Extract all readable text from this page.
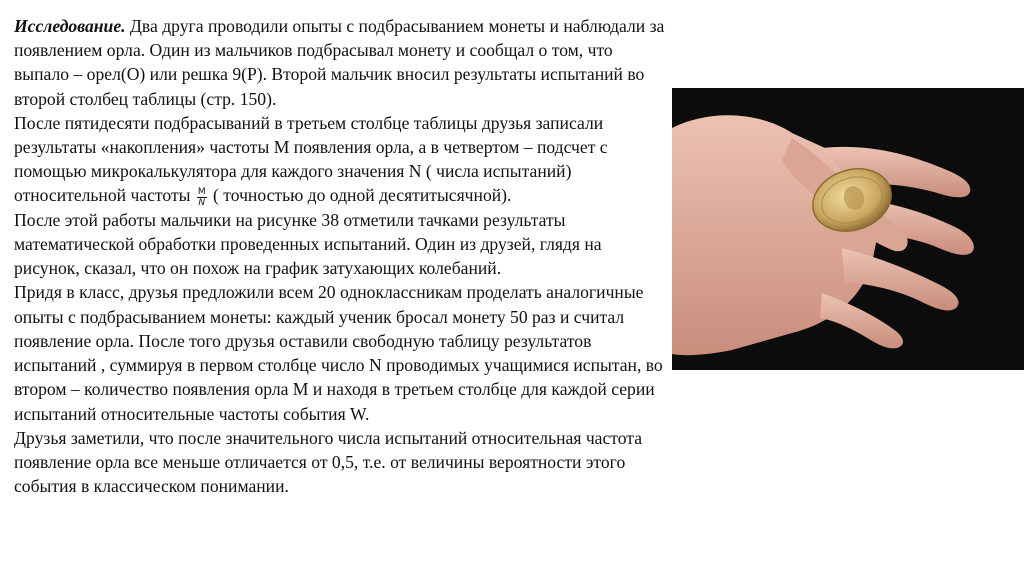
Исследование. Два друга проводили опыты с подбрасыванием монеты и наблюдали за появлением орла. Один из мальчиков подбрасывал монету и сообщал о том, что выпало – орел(О) или решка 9(Р). Второй мальчик вносил результаты испытаний во второй столбец таблицы (стр. 150).

После пятидесяти подбрасываний в третьем столбце таблицы друзья записали результаты «накопления» частоты М появления орла, а в четвертом – подсчет с помощью микрокалькулятора для каждого значения N ( числа испытаний) относительной частоты $\frac{M}{N}$ ( точностью до одной десятитысячной).

После этой работы мальчики на рисунке 38 отметили тачками результаты математической обработки проведенных испытаний. Один из друзей, глядя на рисунок, сказал, что он похож на график затухающих колебаний.

Придя в класс, друзья предложили всем 20 одноклассникам проделать аналогичные опыты с подбрасыванием монеты: каждый ученик бросал монету 50 раз и считал появление орла. После того друзья оставили свободную таблицу результатов испытаний , суммируя в первом столбце число N проводимых учащимися испытан, во втором – количество появления орла М и находя в третьем столбце для каждой серии испытаний относительные частоты события W.

Друзья заметили, что после значительного числа испытаний относительная частота появление орла все меньше отличается от 0,5, т.е. от величины вероятности этого события в классическом понимании.
